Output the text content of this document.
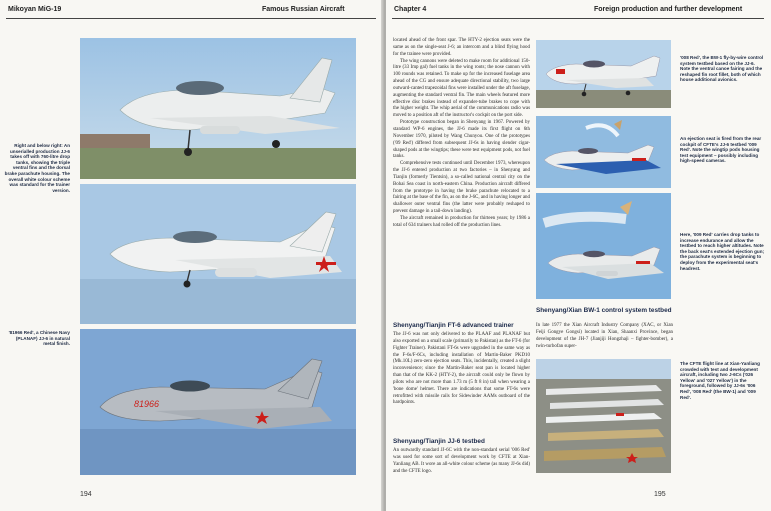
Mikoyan MiG-19	Famous Russian Aircraft
Right and below right: An unserialled production JJ-6 takes off with 760-litre drop tanks, showing the triple ventral fins and the dorsal brake parachute housing. The overall white colour scheme was standard for the trainer version.
'81966 Red', a Chinese Navy (PLANAF) JJ-6 in natural metal finish.
81966
194
Chapter 4	Foreign production and further development

located ahead of the front spar. The HTY-2 ejection seats were the same as on the single-seat J-6; an intercom and a blind flying hood for the trainee were provided.

The wing cannons were deleted to make room for additional 150-litre (33 Imp gal) fuel tanks in the wing roots; the nose cannon with 100 rounds was retained. To make up for the increased fuselage area ahead of the CG and ensure adequate directional stability, two large outward-canted trapezoidal fins were installed under the aft fuselage, augmenting the standard ventral fin. The main wheels featured more effective disc brakes instead of expander-tube brakes to cope with the higher weight. The whip aerial of the communications radio was moved to a position aft of the instructor's cockpit on the port side.

Prototype construction began in Shenyang in 1967. Powered by standard WP-6 engines, the JJ-6 made its first flight on 6th November 1970, piloted by Wang Chunyou. One of the prototypes ('09 Red') differed from subsequent JJ-6s in having slender cigar-shaped pods at the wingtips; these were test equipment pods, not fuel tanks.

Comprehensive tests continued until December 1973, whereupon the JJ-6 entered production at two factories – in Shenyang and Tianjin (formerly Tientsin), a so-called national central city on the Bohai Sea coast in north-eastern China. Production aircraft differed from the prototype in having the brake parachute relocated to a fairing at the base of the fin, as on the J-6C, and in having longer and shallower outer ventral fins (the latter were probably reshaped to prevent damage in a tail-down landing).

The aircraft remained in production for thirteen years; by 1986 a total of 634 trainers had rolled off the production lines.

Shenyang/Tianjin FT-6 advanced trainer

The JJ-6 was not only delivered to the PLAAF and PLANAF but also exported on a small scale (primarily to Pakistan) as the FT-6 (for Fighter Trainer). Pakistani FT-6s were upgraded in the same way as the F-6s/F-6Cs, including installation of Martin-Baker PKD10 (Mk.10L) zero-zero ejection seats. This, incidentally, created a slight inconvenience; since the Martin-Baker seat pan is located higher than that of the KK-2 (HTY-2), the aircraft could only be flown by pilots who are not more than 1.73 m (5 ft 8 in) tall when wearing a 'bone dome' helmet. There are indications that some FT-6s were retrofitted with missile rails for Sidewinder AAMs outboard of the hardpoints.

Shenyang/Tianjin JJ-6 testbed

An outwardly standard JJ-6C with the non-standard serial '006 Red' was used for some sort of development work by CFTE at Xian-Yanliang AB. It wore an all-white colour scheme (as many JJ-6s did) and the CFTE logo.

Shenyang/Xian BW-1 control system testbed

In late 1977 the Xian Aircraft Industry Company (XAC, or Xian Feiji Gongye Gongsi) located in Xian, Shaanxi Province, began development of the JH-7 (Jianjiji Hongzhaji – fighter-bomber), a twin-turbofan super-

'008 Red', the BW-1 fly-by-wire control system testbed based on the JJ-6. Note the ventral canoe fairing and the reshaped fin root fillet, both of which house additional avionics.
An ejection seat is fired from the rear cockpit of CFTE's JJ-6 testbed '009 Red'. Note the wingtip pods housing test equipment – possibly including high-speed cameras.
Here, '009 Red' carries drop tanks to increase endurance and allow the testbed to reach higher altitudes. Note the back seat's extended ejection gun; the parachute system is beginning to deploy from the experimental seat's headrest.
The CFTE flight line at Xian-Yanliang crowded with test and development aircraft, including two J-6Cs ('026 Yellow' and '027 Yellow') in the foreground, followed by JJ-6s '006 Red', '008 Red' (the BW-1) and '009 Red'.
195
